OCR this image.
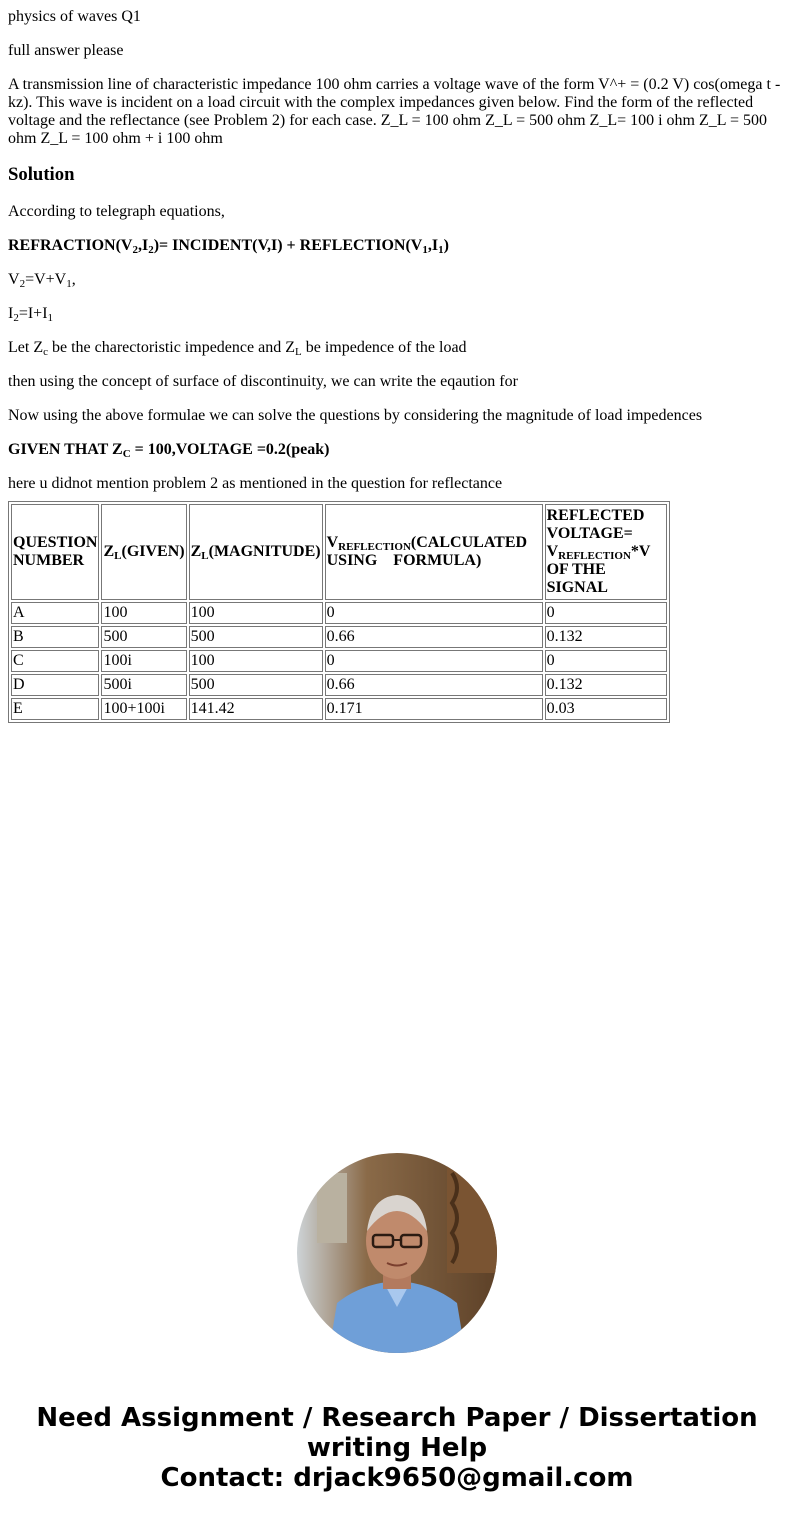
physics of waves Q1

full answer please

A transmission line of characteristic impedance 100 ohm carries a voltage wave of the form V^+ = (0.2 V) cos(omega t - kz). This wave is incident on a load circuit with the complex impedances given below. Find the form of the reflected voltage and the reflectance (see Problem 2) for each case. Z_L = 100 ohm Z_L = 500 ohm Z_L= 100 i ohm Z_L = 500 ohm Z_L = 100 ohm + i 100 ohm

Solution

According to telegraph equations,

$REFRACTION(V_2,I_2)=$ INCIDENT(V,I) + $REFLECTION(V_1,I_1)$

$V_2=V+V_1$,

$I_2=I+I_1$

Let $Z_c$ be the charectoristic impedence and $Z_L$ be impedence of the load

then using the concept of surface of discontinuity, we can write the eqaution for

Now using the above formulae we can solve the questions by considering the magnitude of load impedences

GIVEN THAT $Z_C$ = 100,VOLTAGE =0.2(peak)

here u didnot mention problem 2 as mentioned in the question for reflectance

QUESTION NUMBER	$Z_L(GIVEN)$	$Z_L(MAGNITUDE)$	$V_{REFLECTION}(CALCULATED$ USING    FORMULA)	REFLECTED VOLTAGE= $V_{REFLECTION}*V$ OF THE SIGNAL
A	100	100	0	0
B	500	500	0.66	0.132
C	100i	100	0	0
D	500i	500	0.66	0.132
E	100+100i	141.42	0.171	0.03
Need Assignment / Research Paper / Dissertation writing Help
Contact: drjack9650@gmail.com
